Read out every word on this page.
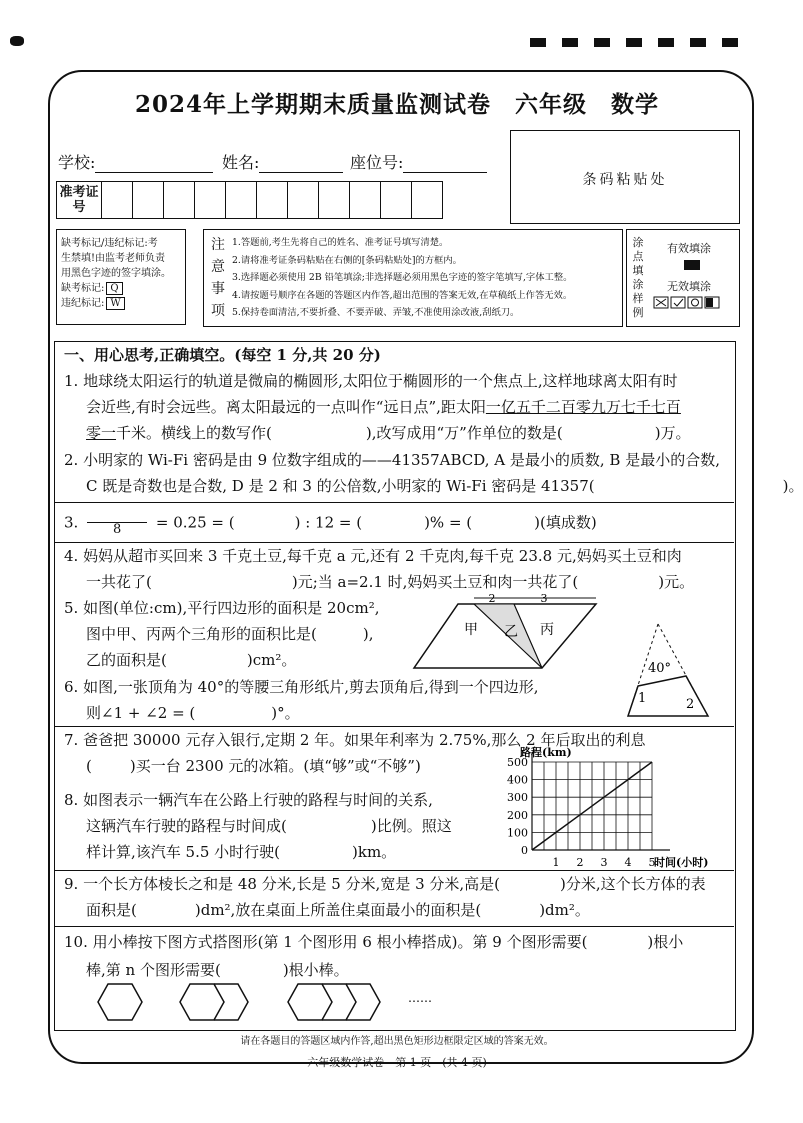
2024年上学期期末质量监测试卷　六年级　数学
学校:	姓名:	座位号:
条码粘贴处
准考证号
缺考标记/违纪标记:考
生禁填!由监考老师负责
用黑色字迹的签字填涂。
缺考标记: Q
违纪标记: W
注
意
事
项
1.答题前,考生先将自己的姓名、准考证号填写清楚。
2.请将准考证条码粘贴在右侧的[条码粘贴处]的方框内。
3.选择题必须使用 2B 铅笔填涂;非选择题必须用黑色字迹的签字笔填写,字体工整。
4.请按题号顺序在各题的答题区内作答,超出范围的答案无效,在草稿纸上作答无效。
5.保持卷面清洁,不要折叠、不要弄破、弄皱,不准使用涂改液,刮纸刀。
涂
点
填
涂
样
例
有效填涂
无效填涂
一、用心思考,正确填空。(每空 1 分,共 20 分)
1. 地球绕太阳运行的轨道是微扁的椭圆形,太阳位于椭圆形的一个焦点上,这样地球离太阳有时
会近些,有时会远些。离太阳最远的一点叫作“远日点”,距太阳一亿五千二百零九万七千七百
零一千米。横线上的数写作(	),改写成用“万”作单位的数是(	)万。
2. 小明家的 Wi-Fi 密码是由 9 位数字组成的——41357ABCD, A 是最小的质数, B 是最小的合数,
C 既是奇数也是合数, D 是 2 和 3 的公倍数,小明家的 Wi-Fi 密码是 41357(	)。
3.	8	= 0.25 = (	) : 12 = (	)% = (	)(填成数)
4. 妈妈从超市买回来 3 千克土豆,每千克 a 元,还有 2 千克肉,每千克 23.8 元,妈妈买土豆和肉
一共花了(	)元;当 a=2.1 时,妈妈买土豆和肉一共花了(	)元。
5. 如图(单位:cm),平行四边形的面积是 20cm²,
图中甲、丙两个三角形的面积比是(	),
乙的面积是(	)cm²。
2	3
甲 乙 丙
40°
1	2
6. 如图,一张顶角为 40°的等腰三角形纸片,剪去顶角后,得到一个四边形,
则∠1 + ∠2 = (	)°。
7. 爸爸把 30000 元存入银行,定期 2 年。如果年利率为 2.75%,那么 2 年后取出的利息
(	)买一台 2300 元的冰箱。(填“够”或“不够”)
8. 如图表示一辆汽车在公路上行驶的路程与时间的关系,
这辆汽车行驶的路程与时间成(	)比例。照这
样计算,该汽车 5.5 小时行驶(	)km。	0
100
200
300
400
500
1 2 3 4 5
路程(km)
时间(小时)
9. 一个长方体棱长之和是 48 分米,长是 5 分米,宽是 3 分米,高是(	)分米,这个长方体的表
面积是(	)dm²,放在桌面上所盖住桌面最小的面积是(	)dm²。
10. 用小棒按下图方式搭图形(第 1 个图形用 6 根小棒搭成)。第 9 个图形需要(	)根小
棒,第 n 个图形需要(	)根小棒。
……
请在各题目的答题区域内作答,超出黑色矩形边框限定区域的答案无效。
六年级数学试卷　第 1 页　(共 4 页)
